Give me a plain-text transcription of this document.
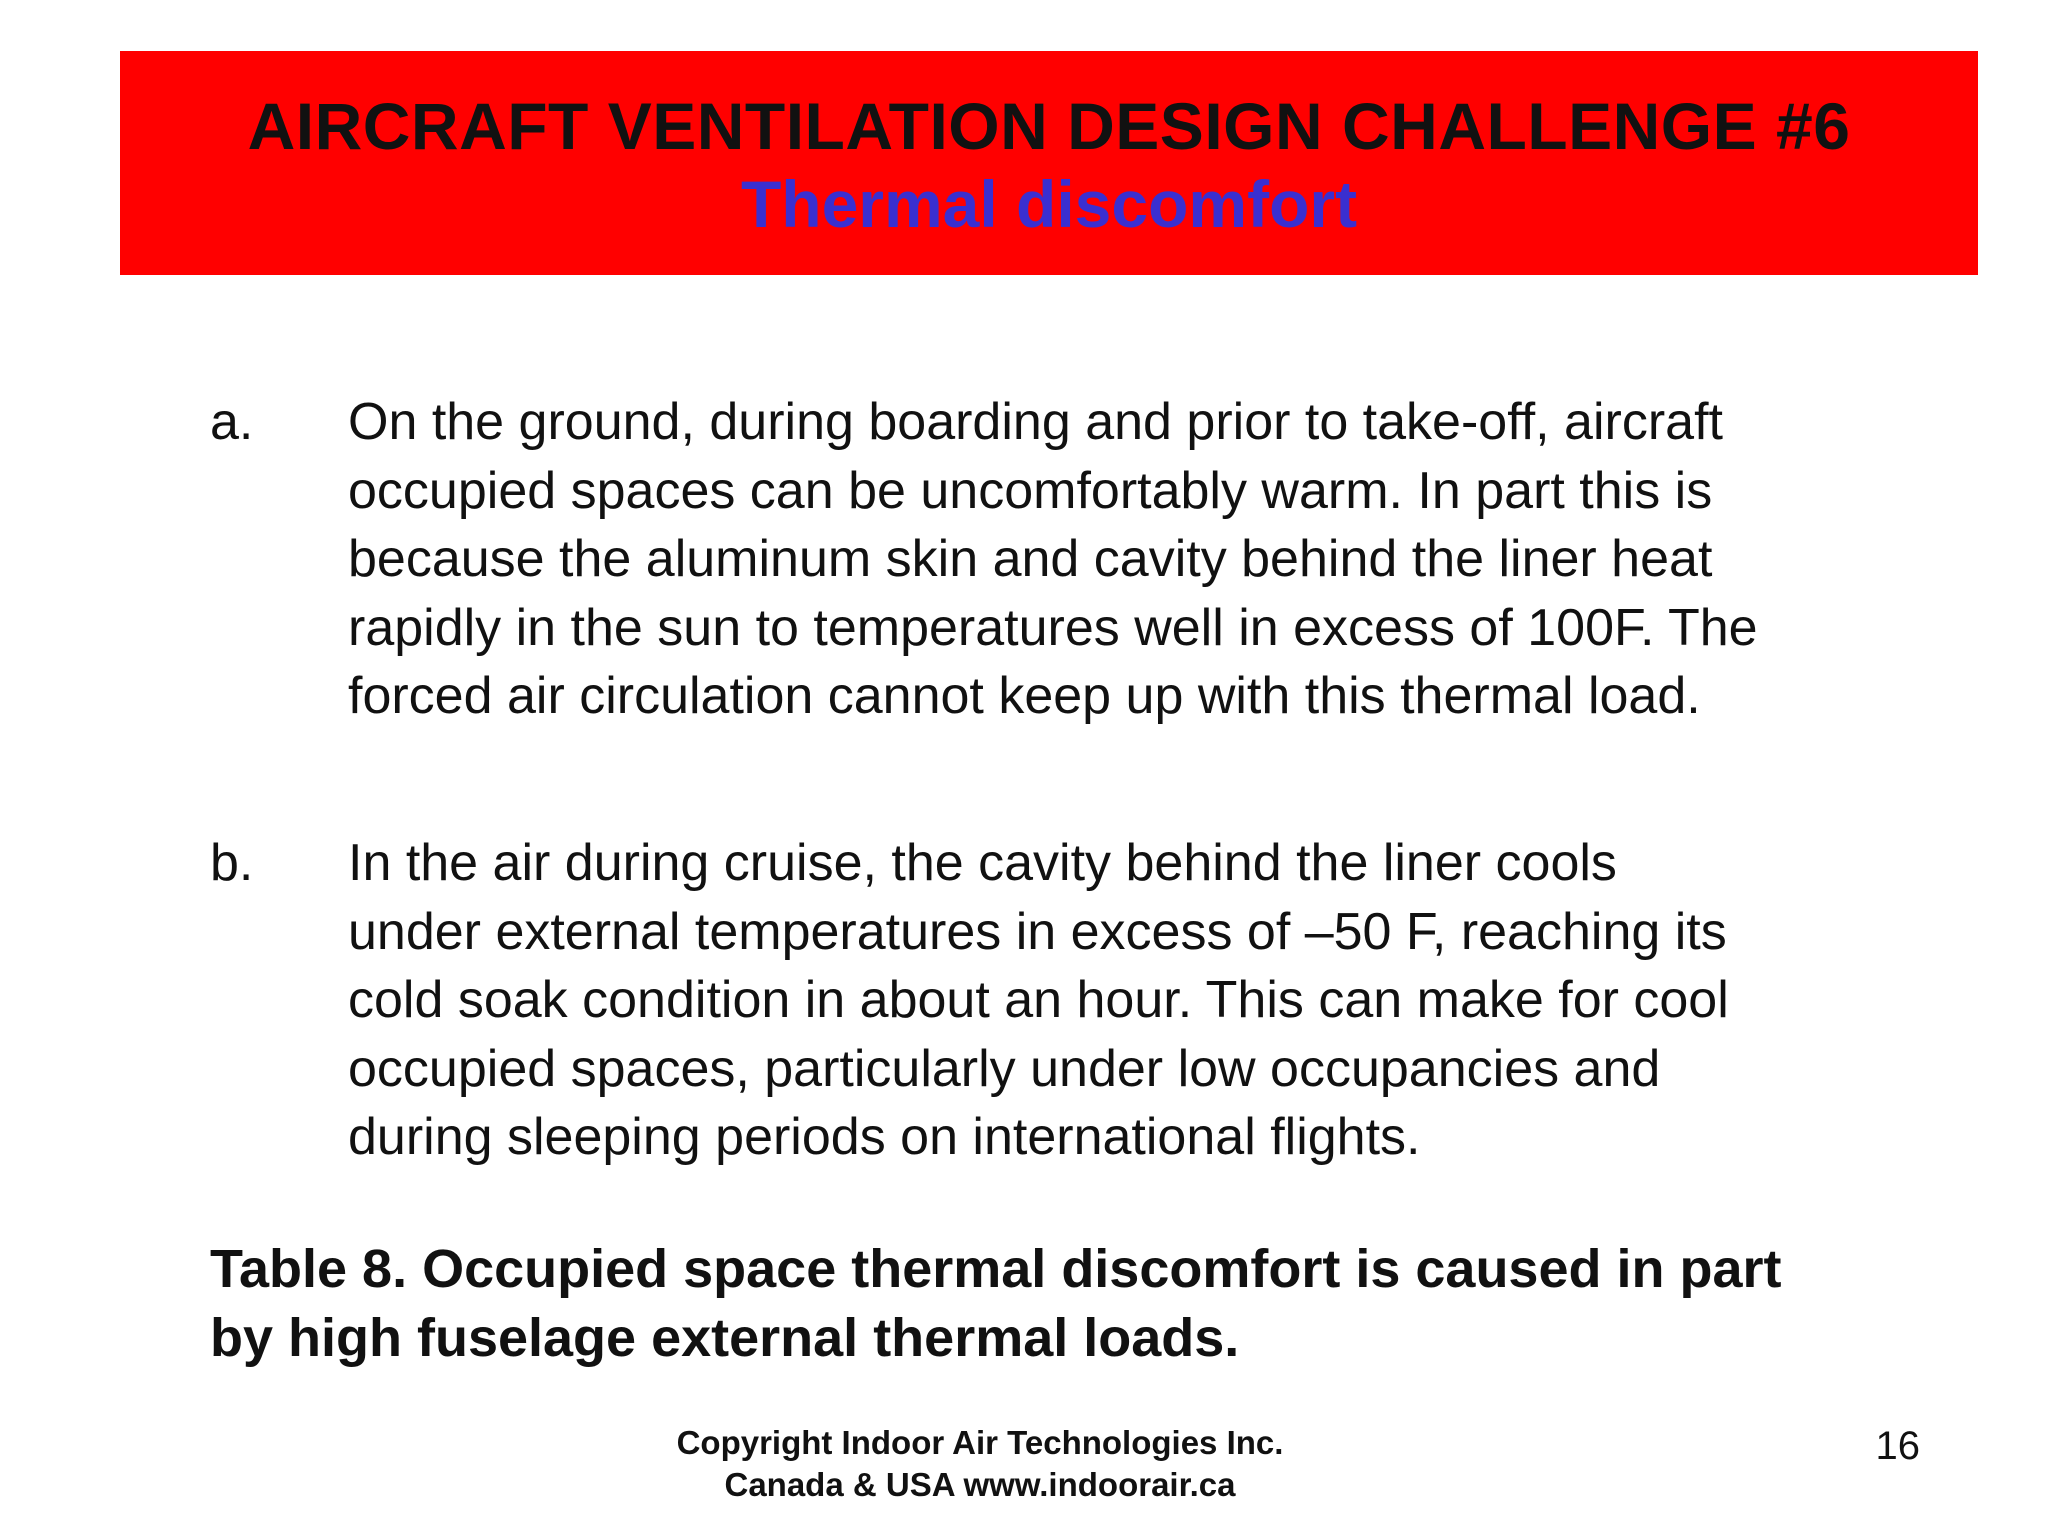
AIRCRAFT VENTILATION DESIGN CHALLENGE #6
Thermal discomfort
a. On the ground, during boarding and prior to take-off, aircraft
occupied spaces can be uncomfortably warm. In part this is
because the aluminum skin and cavity behind the liner heat
rapidly in the sun to temperatures well in excess of 100F. The
forced air circulation cannot keep up with this thermal load.
b. In the air during cruise, the cavity behind the liner cools
under external temperatures in excess of –50 F, reaching its
cold soak condition in about an hour. This can make for cool
occupied spaces, particularly under low occupancies and
during sleeping periods on international flights.
Table 8. Occupied space thermal discomfort is caused in part
by high fuselage external thermal loads.
Copyright Indoor Air Technologies Inc.
Canada & USA www.indoorair.ca
16
